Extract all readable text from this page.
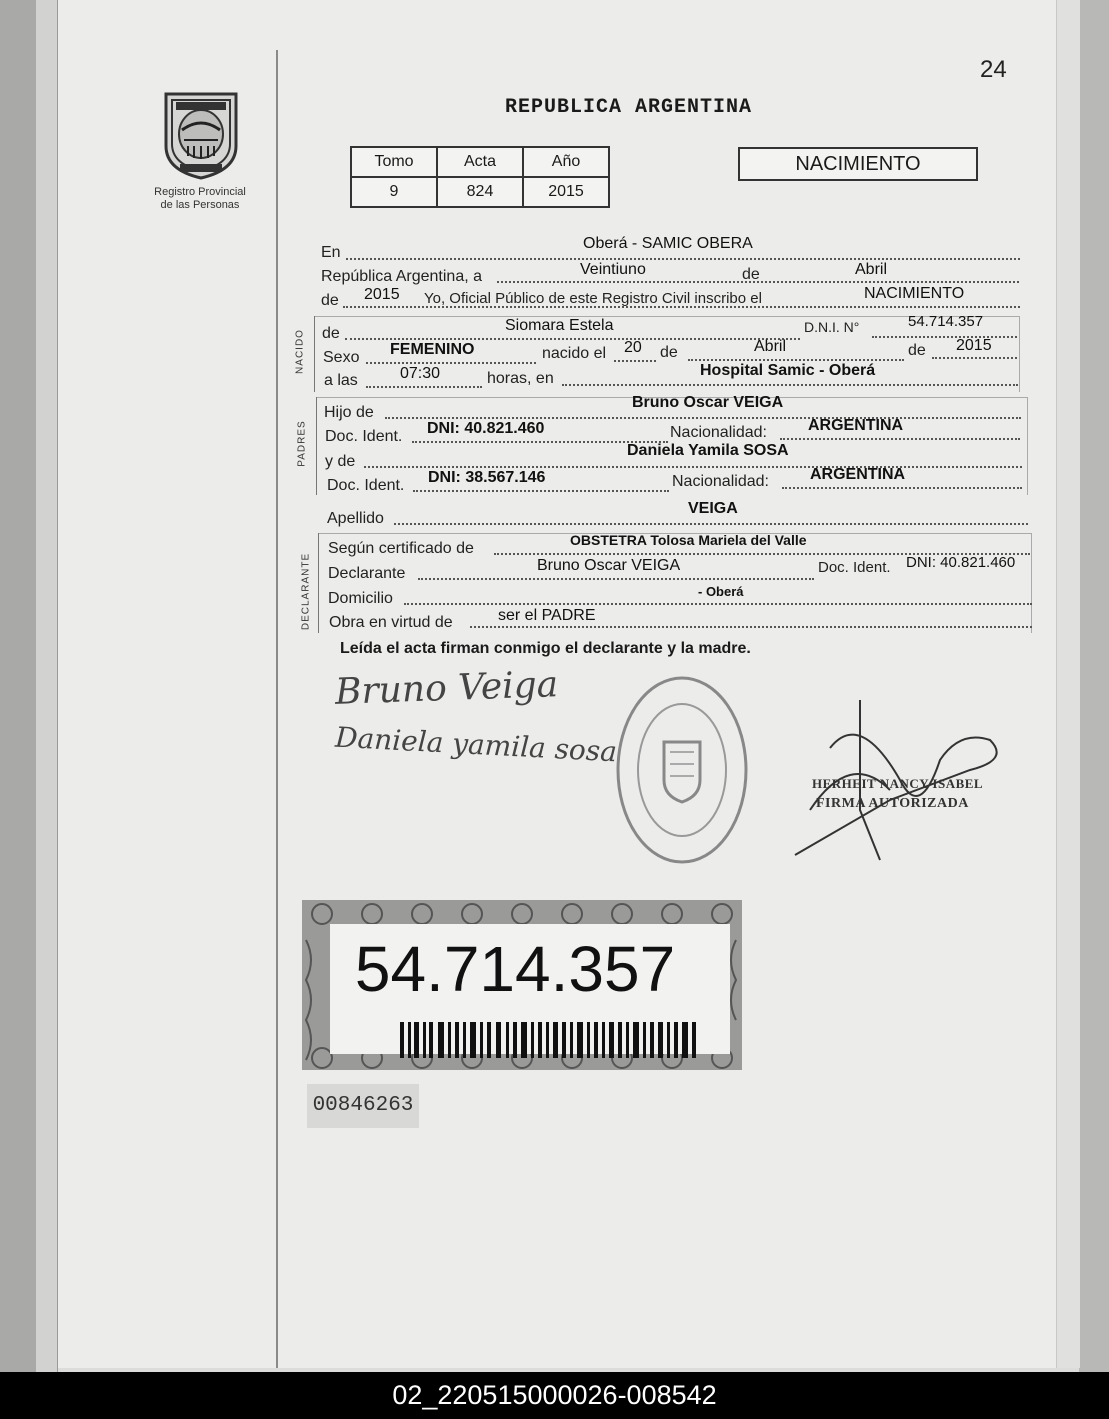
24
Registro Provincial
de las Personas
REPUBLICA ARGENTINA
Tomo	Acta	Año
9	824	2015
NACIMIENTO
En
Oberá - SAMIC OBERA
República Argentina, a	Veintiuno	de	Abril
de 2015 Yo, Oficial Público de este Registro Civil inscribo el	NACIMIENTO
NACIDO de	Siomara Estela	D.N.I. N°	54.714.357
Sexo FEMENINO	nacido el 20 de	Abril	de 2015
a las	07:30	horas, en	Hospital Samic - Oberá
PADRES
Hijo de
Bruno Oscar VEIGA
Doc. Ident. DNI: 40.821.460	Nacionalidad:	ARGENTINA
y de
Daniela Yamila SOSA
Doc. Ident. DNI: 38.567.146	Nacionalidad:	ARGENTINA
Apellido
VEIGA
DECLARANTE
Según certificado de	OBSTETRA Tolosa Mariela del Valle
Declarante	Bruno Oscar VEIGA	Doc. Ident. DNI: 40.821.460
Domicilio	- Oberá
Obra en virtud de	ser el PADRE
Leída el acta firman conmigo el declarante y la madre.
Bruno Veiga
Daniela yamila sosa
HERHEIT NANCY ISABEL
FIRMA AUTORIZADA
54.714.357
00846263
02_220515000026-008542
